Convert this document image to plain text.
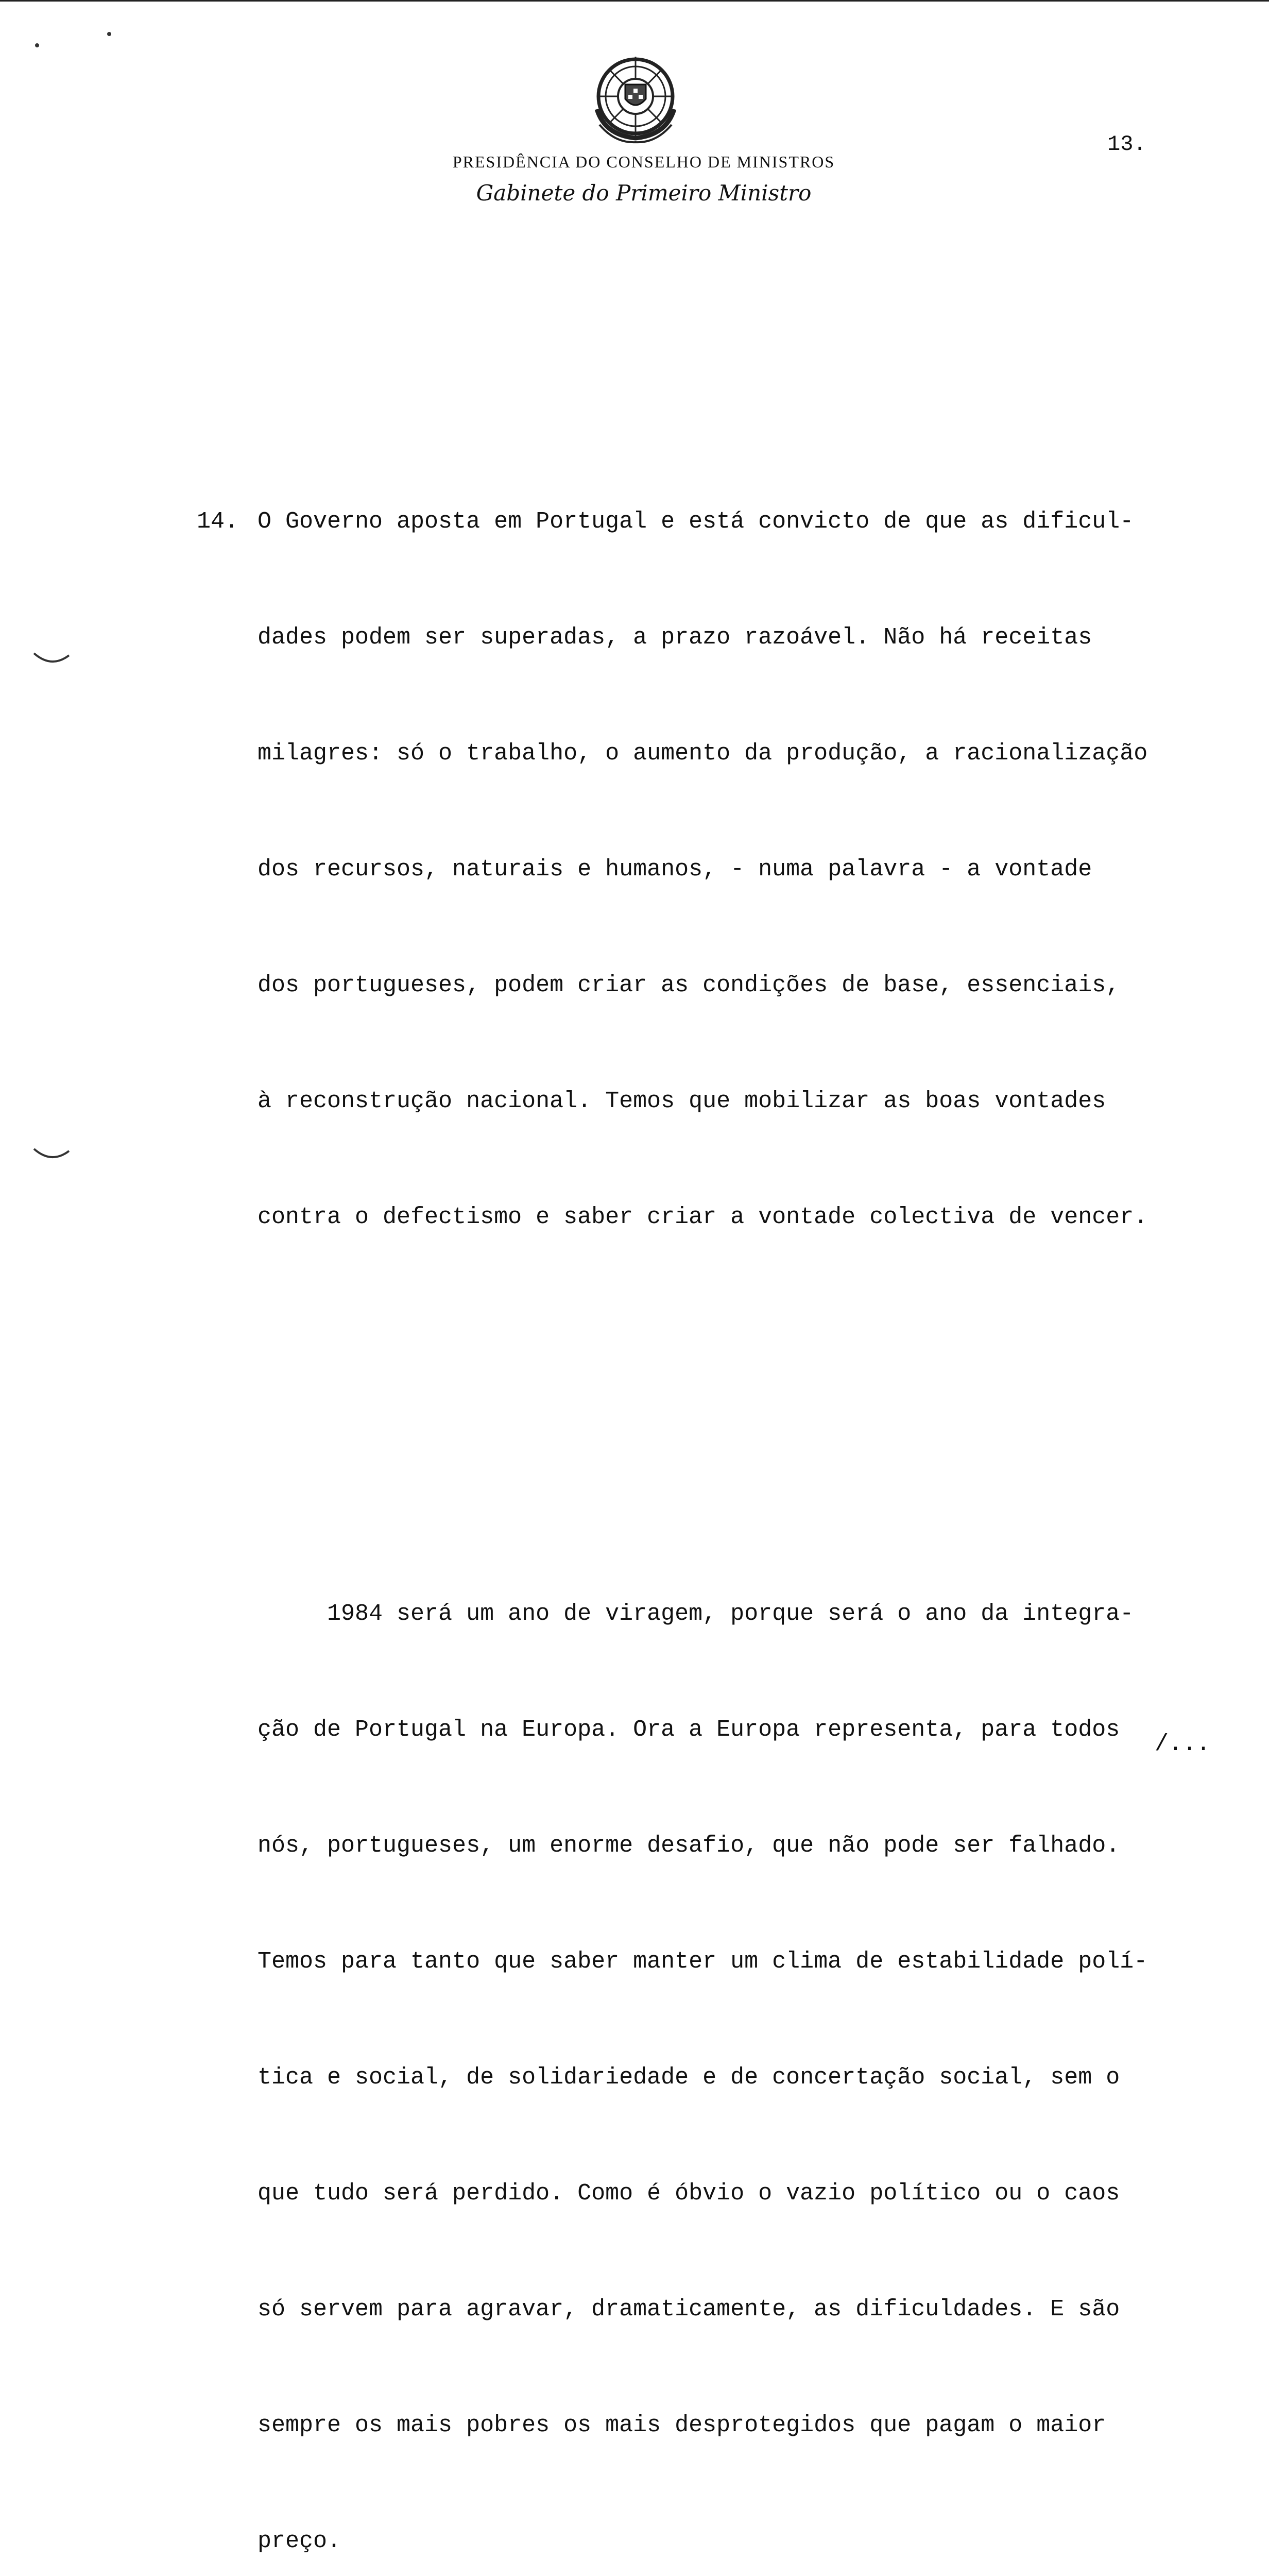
PRESIDÊNCIA DO CONSELHO DE MINISTROS
Gabinete do Primeiro Ministro
13.

14. O Governo aposta em Portugal e está convicto de que as dificul-

dades podem ser superadas, a prazo razoável. Não há receitas

milagres: só o trabalho, o aumento da produção, a racionalização

dos recursos, naturais e humanos, - numa palavra - a vontade

dos portugueses, podem criar as condições de base, essenciais,

à reconstrução nacional. Temos que mobilizar as boas vontades

contra o defectismo e saber criar a vontade colectiva de vencer.

1984 será um ano de viragem, porque será o ano da integra-

ção de Portugal na Europa. Ora a Europa representa, para todos

nós, portugueses, um enorme desafio, que não pode ser falhado.

Temos para tanto que saber manter um clima de estabilidade polí-

tica e social, de solidariedade e de concertação social, sem o

que tudo será perdido. Como é óbvio o vazio político ou o caos

só servem para agravar, dramaticamente, as dificuldades. E são

sempre os mais pobres os mais desprotegidos que pagam o maior

preço.

/...
